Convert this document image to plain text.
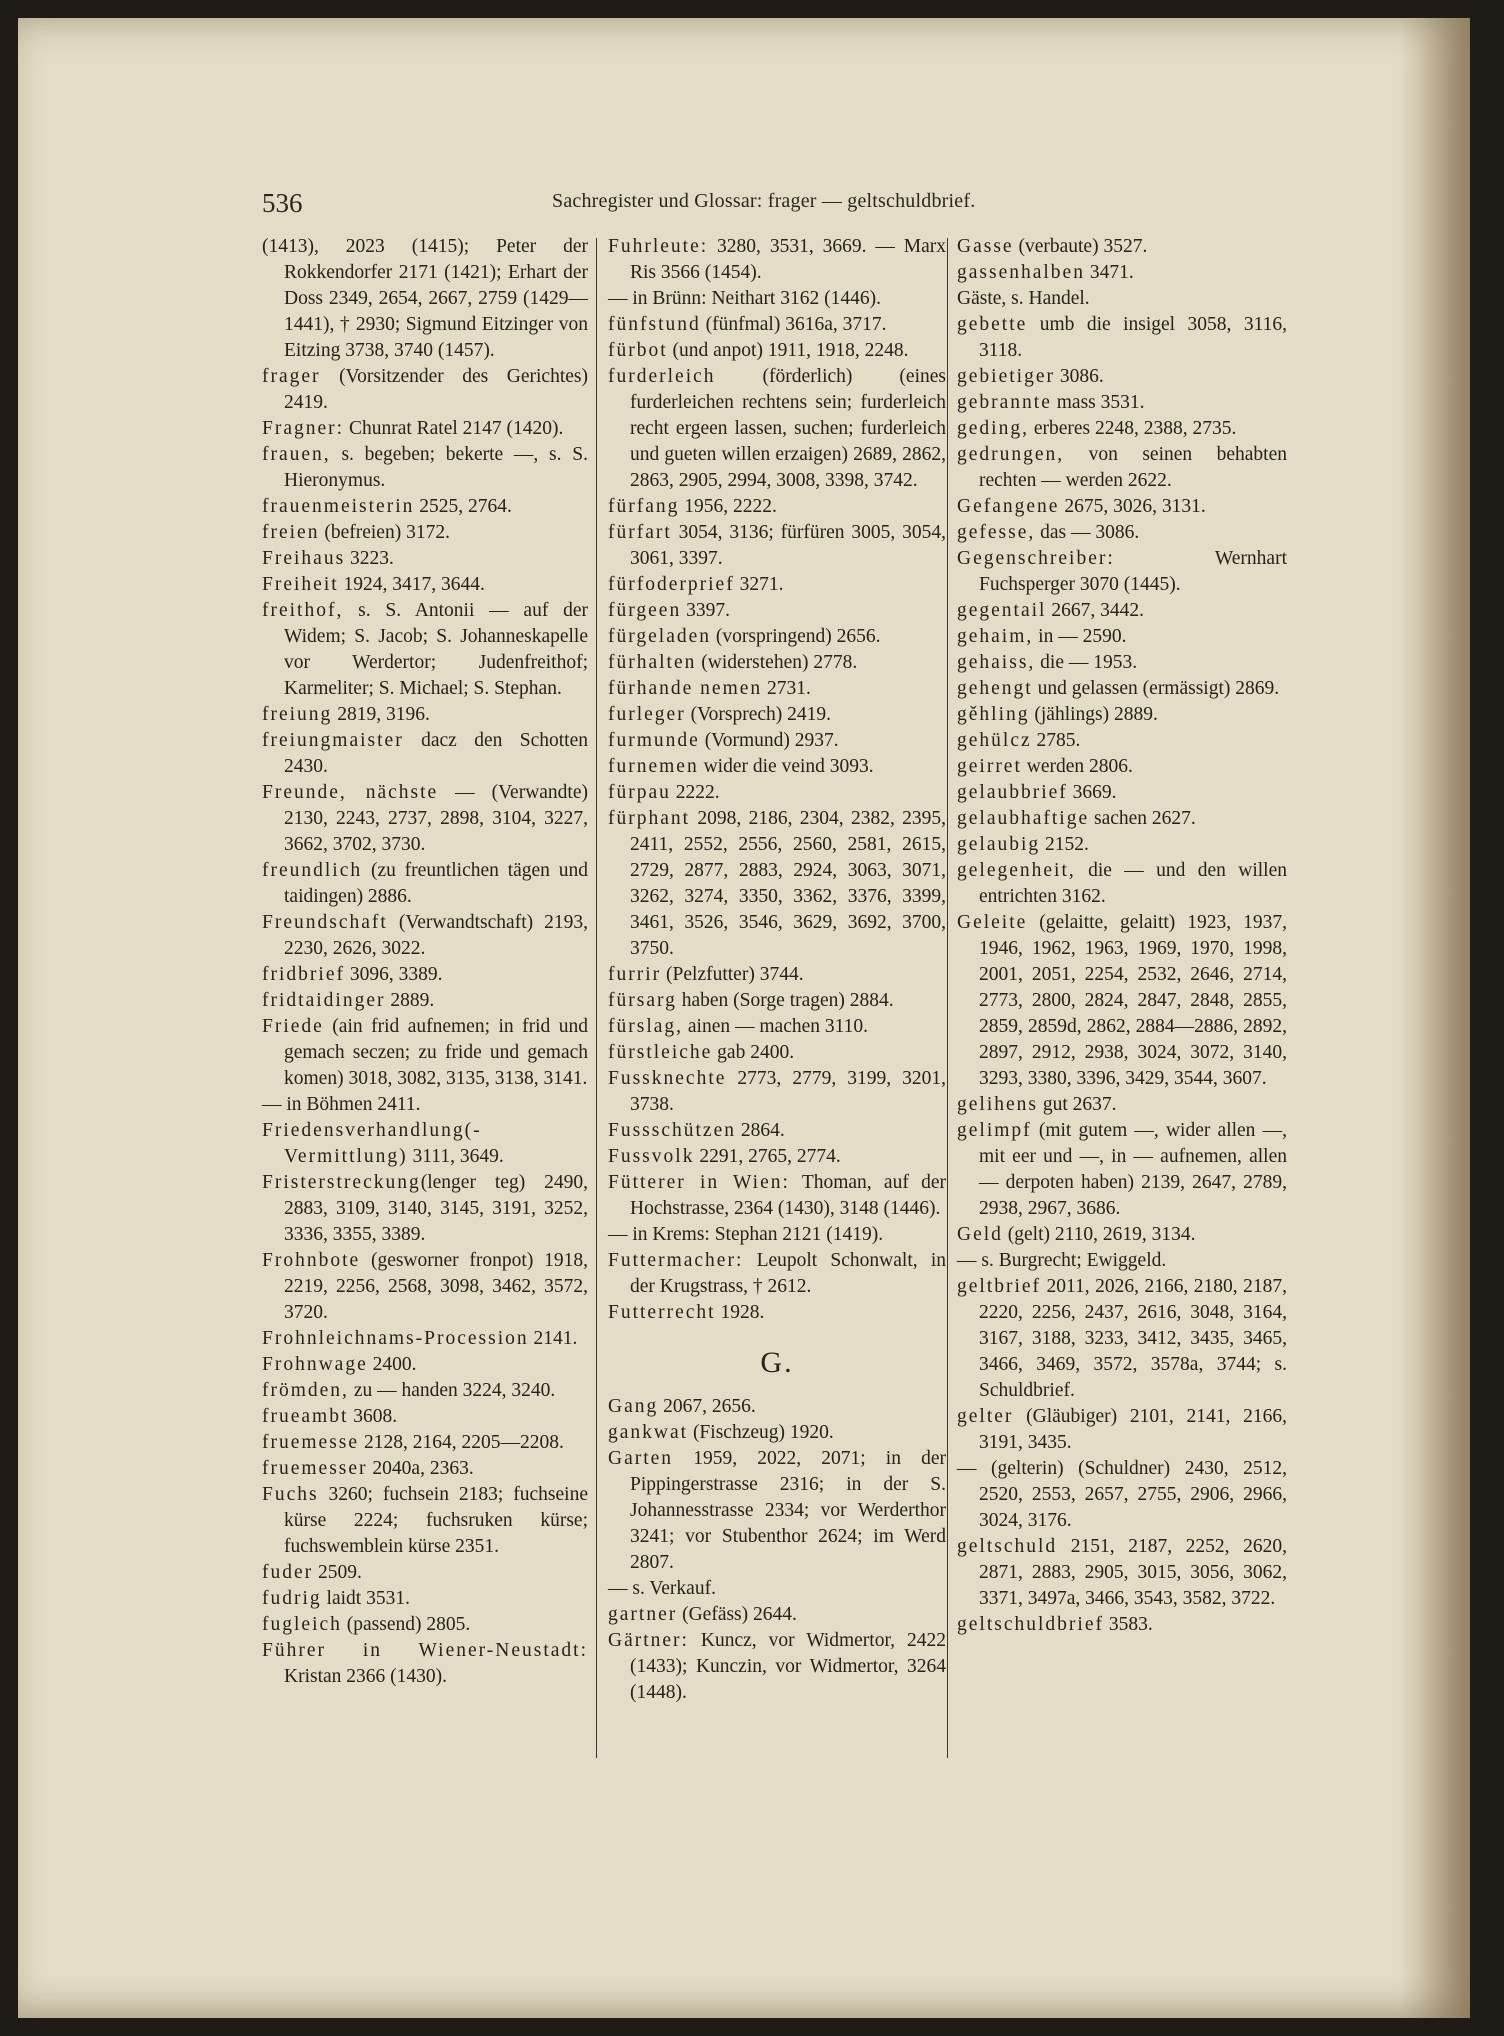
536	Sachregister und Glossar: frager — geltschuldbrief.
(1413), 2023 (1415); Peter der Rokkendorfer 2171 (1421); Erhart der Doss 2349, 2654, 2667, 2759 (1429—1441), † 2930; Sigmund Eitzinger von Eitzing 3738, 3740 (1457).
frager (Vorsitzender des Gerichtes) 2419.
Fragner: Chunrat Ratel 2147 (1420).
frauen, s. begeben; bekerte —, s. S. Hieronymus.
frauenmeisterin 2525, 2764.
freien (befreien) 3172.
Freihaus 3223.
Freiheit 1924, 3417, 3644.
freithof, s. S. Antonii — auf der Widem; S. Jacob; S. Johanneskapelle vor Werdertor; Judenfreithof; Karmeliter; S. Michael; S. Stephan.
freiung 2819, 3196.
freiungmaister dacz den Schotten 2430.
Freunde, nächste — (Verwandte) 2130, 2243, 2737, 2898, 3104, 3227, 3662, 3702, 3730.
freundlich (zu freuntlichen tägen und taidingen) 2886.
Freundschaft (Verwandtschaft) 2193, 2230, 2626, 3022.
fridbrief 3096, 3389.
fridtaidinger 2889.
Friede (ain frid aufnemen; in frid und gemach seczen; zu fride und gemach komen) 3018, 3082, 3135, 3138, 3141.
— in Böhmen 2411.
Friedensverhandlung(-Vermittlung) 3111, 3649.
Fristerstreckung(lenger teg) 2490, 2883, 3109, 3140, 3145, 3191, 3252, 3336, 3355, 3389.
Frohnbote (gesworner fronpot) 1918, 2219, 2256, 2568, 3098, 3462, 3572, 3720.
Frohnleichnams-Procession 2141.
Frohnwage 2400.
frömden, zu — handen 3224, 3240.
frueambt 3608.
fruemesse 2128, 2164, 2205—2208.
fruemesser 2040a, 2363.
Fuchs 3260; fuchsein 2183; fuchseine kürse 2224; fuchsruken kürse; fuchswemblein kürse 2351.
fuder 2509.
fudrig laidt 3531.
fugleich (passend) 2805.
Führer in Wiener-Neustadt: Kristan 2366 (1430).
Fuhrleute: 3280, 3531, 3669. — Marx Ris 3566 (1454).
— in Brünn: Neithart 3162 (1446).
fünfstund (fünfmal) 3616a, 3717.
fürbot (und anpot) 1911, 1918, 2248.
furderleich (förderlich) (eines furderleichen rechtens sein; furderleich recht ergeen lassen, suchen; furderleich und gueten willen erzaigen) 2689, 2862, 2863, 2905, 2994, 3008, 3398, 3742.
fürfang 1956, 2222.
fürfart 3054, 3136; fürfüren 3005, 3054, 3061, 3397.
fürfoderprief 3271.
fürgeen 3397.
fürgeladen (vorspringend) 2656.
fürhalten (widerstehen) 2778.
fürhande nemen 2731.
furleger (Vorsprech) 2419.
furmunde (Vormund) 2937.
furnemen wider die veind 3093.
fürpau 2222.
fürphant 2098, 2186, 2304, 2382, 2395, 2411, 2552, 2556, 2560, 2581, 2615, 2729, 2877, 2883, 2924, 3063, 3071, 3262, 3274, 3350, 3362, 3376, 3399, 3461, 3526, 3546, 3629, 3692, 3700, 3750.
furrir (Pelzfutter) 3744.
fürsarg haben (Sorge tragen) 2884.
fürslag, ainen — machen 3110.
fürstleiche gab 2400.
Fussknechte 2773, 2779, 3199, 3201, 3738.
Fussschützen 2864.
Fussvolk 2291, 2765, 2774.
Fütterer in Wien: Thoman, auf der Hochstrasse, 2364 (1430), 3148 (1446).
— in Krems: Stephan 2121 (1419).
Futtermacher: Leupolt Schonwalt, in der Krugstrass, † 2612.
Futterrecht 1928.
G.
Gang 2067, 2656.
gankwat (Fischzeug) 1920.
Garten 1959, 2022, 2071; in der Pippingerstrasse 2316; in der S. Johannesstrasse 2334; vor Werderthor 3241; vor Stubenthor 2624; im Werd 2807.
— s. Verkauf.
gartner (Gefäss) 2644.
Gärtner: Kuncz, vor Widmertor, 2422 (1433); Kunczin, vor Widmertor, 3264 (1448).
Gasse (verbaute) 3527.
gassenhalben 3471.
Gäste, s. Handel.
gebette umb die insigel 3058, 3116, 3118.
gebietiger 3086.
gebrannte mass 3531.
geding, erberes 2248, 2388, 2735.
gedrungen, von seinen behabten rechten — werden 2622.
Gefangene 2675, 3026, 3131.
gefesse, das — 3086.
Gegenschreiber: Wernhart Fuchsperger 3070 (1445).
gegentail 2667, 3442.
gehaim, in — 2590.
gehaiss, die — 1953.
gehengt und gelassen (ermässigt) 2869.
gěhling (jählings) 2889.
gehülcz 2785.
geirret werden 2806.
gelaubbrief 3669.
gelaubhaftige sachen 2627.
gelaubig 2152.
gelegenheit, die — und den willen entrichten 3162.
Geleite (gelaitte, gelaitt) 1923, 1937, 1946, 1962, 1963, 1969, 1970, 1998, 2001, 2051, 2254, 2532, 2646, 2714, 2773, 2800, 2824, 2847, 2848, 2855, 2859, 2859d, 2862, 2884—2886, 2892, 2897, 2912, 2938, 3024, 3072, 3140, 3293, 3380, 3396, 3429, 3544, 3607.
gelihens gut 2637.
gelimpf (mit gutem —, wider allen —, mit eer und —, in — aufnemen, allen — derpoten haben) 2139, 2647, 2789, 2938, 2967, 3686.
Geld (gelt) 2110, 2619, 3134.
— s. Burgrecht; Ewiggeld.
geltbrief 2011, 2026, 2166, 2180, 2187, 2220, 2256, 2437, 2616, 3048, 3164, 3167, 3188, 3233, 3412, 3435, 3465, 3466, 3469, 3572, 3578a, 3744; s. Schuldbrief.
gelter (Gläubiger) 2101, 2141, 2166, 3191, 3435.
— (gelterin) (Schuldner) 2430, 2512, 2520, 2553, 2657, 2755, 2906, 2966, 3024, 3176.
geltschuld 2151, 2187, 2252, 2620, 2871, 2883, 2905, 3015, 3056, 3062, 3371, 3497a, 3466, 3543, 3582, 3722.
geltschuldbrief 3583.
